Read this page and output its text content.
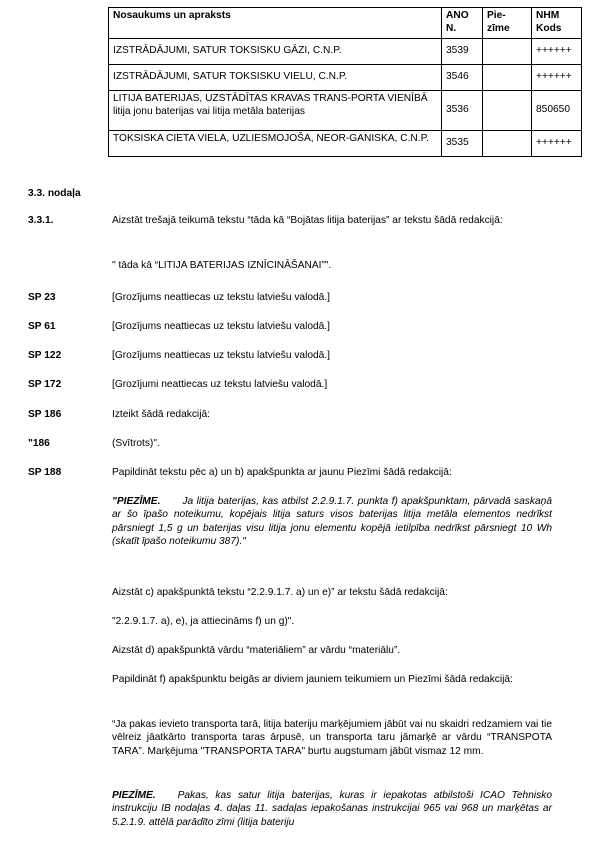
Nosaukums un apraksts	ANO N.	Pie-zīme	NHM Kods
IZSTRĀDĀJUMI, SATUR TOKSISKU GĀZI, C.N.P.	3539		++++++
IZSTRĀDĀJUMI, SATUR TOKSISKU VIELU, C.N.P.	3546		++++++
LITIJA BATERIJAS, UZSTĀDĪTAS KRAVAS TRANS-PORTA VIENĪBĀ litija jonu baterijas vai litija metāla baterijas	3536		850650
TOKSISKA CIETA VIELA, UZLIESMOJOŠA, NEOR-GANISKA, C.N.P.	3535		++++++
3.3. nodaļa
3.3.1.	Aizstāt trešajā teikumā tekstu “tāda kā “Bojātas litija baterijas” ar tekstu šādā redakcijā:
" tāda kā “LITIJA BATERIJAS IZNĪCINĀŠANAI”".
SP 23	[Grozījums neattiecas uz tekstu latviešu valodā.]
SP 61	[Grozījums neattiecas uz tekstu latviešu valodā.]
SP 122	[Grozījums neattiecas uz tekstu latviešu valodā.]
SP 172	[Grozījumi neattiecas uz tekstu latviešu valodā.]
SP 186	Izteikt šādā redakcijā:
"186	(Svītrots)".
SP 188	Papildināt tekstu pēc a) un b) apakšpunkta ar jaunu Piezīmi šādā redakcijā:
"PIEZĪME. Ja litija baterijas, kas atbilst 2.2.9.1.7. punkta f) apakšpunktam, pārvadā saskaņā ar šo īpašo noteikumu, kopējais litija saturs visos baterijas litija metāla elementos nedrīkst pārsniegt 1,5 g un baterijas visu litija jonu elementu kopējā ietilpība nedrīkst pārsniegt 10 Wh (skatīt īpašo noteikumu 387)."
Aizstāt c) apakšpunktā tekstu “2.2.9.1.7. a) un e)” ar tekstu šādā redakcijā:
"2.2.9.1.7. a), e), ja attiecināms f) un g)".
Aizstāt d) apakšpunktā vārdu “materiāliem” ar vārdu “materiālu”.
Papildināt f) apakšpunktu beigās ar diviem jauniem teikumiem un Piezīmi šādā redakcijā:
“Ja pakas ievieto transporta tarā, litija bateriju marķējumiem jābūt vai nu skaidri redzamiem vai tie vēlreiz jāatkārto transporta taras ārpusē, un transporta taru jāmarķē ar vārdu “TRANSPOTA TARA”. Marķējuma "TRANSPORTA TARA" burtu augstumam jābūt vismaz 12 mm.
PIEZĪME. Pakas, kas satur litija baterijas, kuras ir iepakotas atbilstoši ICAO Tehnisko instrukciju IB nodaļas 4. daļas 11. sadaļas iepakošanas instrukcijai 965 vai 968 un marķētas ar 5.2.1.9. attēlā parādīto zīmi (litija bateriju
